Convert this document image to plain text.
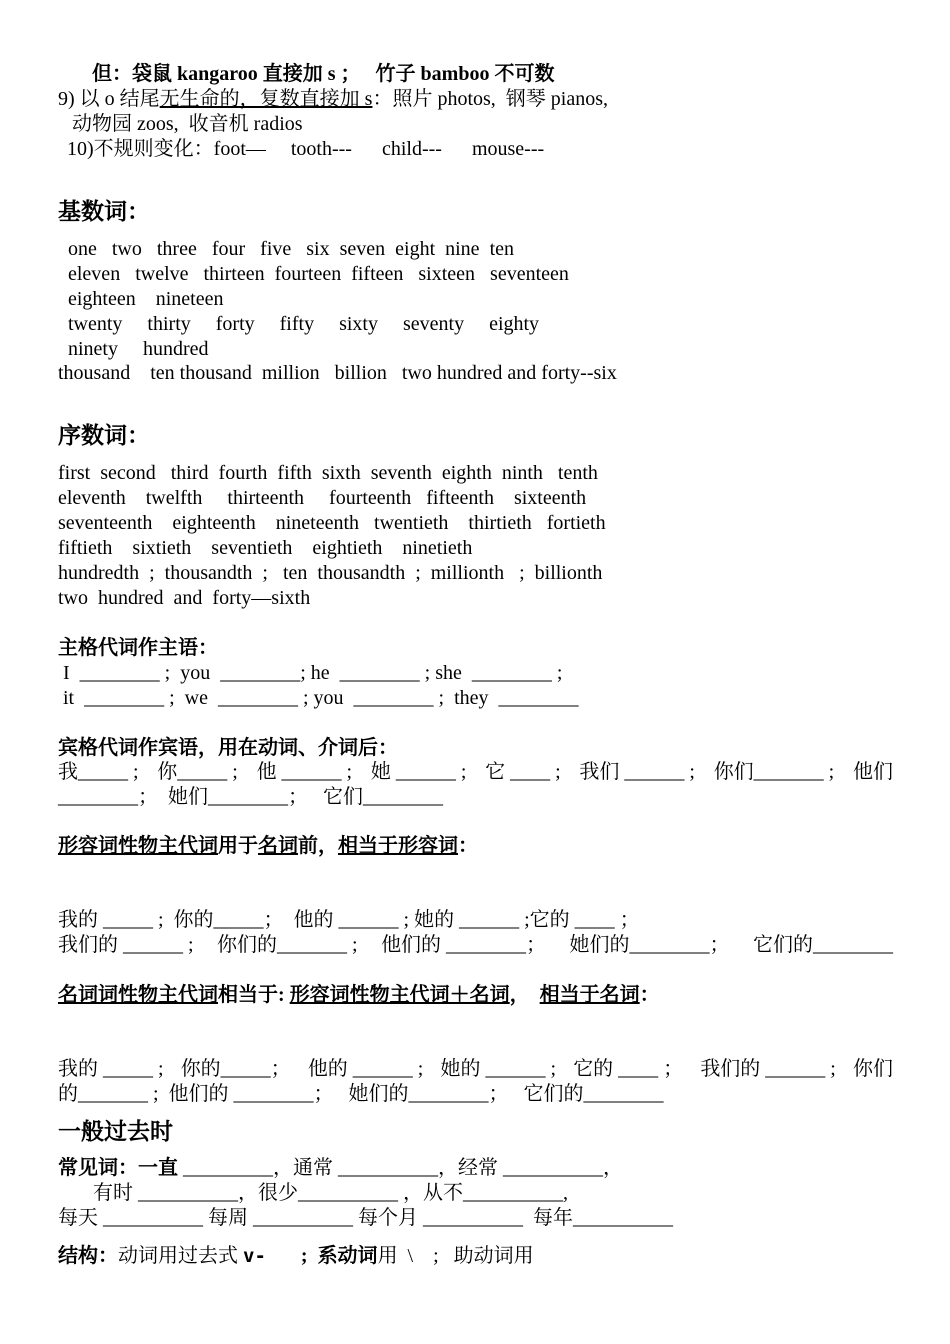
但：袋鼠 kangaroo 直接加 s ；   竹子 bamboo 不可数
9) 以 o 结尾无生命的，复数直接加 s：照片 photos,  钢琴 pianos,
动物园 zoos,  收音机 radios
10)不规则变化：foot—     tooth---      child---      mouse---
基数词：
one   two   three   four   five   six  seven  eight  nine  ten
eleven   twelve   thirteen  fourteen  fifteen   sixteen   seventeen
eighteen    nineteen
twenty     thirty     forty     fifty     sixty     seventy     eighty
ninety     hundred
thousand    ten thousand  million   billion   two hundred and forty--six
序数词：
first  second   third  fourth  fifth  sixth  seventh  eighth  ninth   tenth
eleventh    twelfth     thirteenth     fourteenth   fifteenth    sixteenth
seventeenth    eighteenth    nineteenth   twentieth    thirtieth   fortieth
fiftieth    sixtieth    seventieth    eightieth    ninetieth
hundredth  ;  thousandth  ;   ten  thousandth  ;  millionth   ;  billionth
two  hundred  and  forty—sixth
主格代词作主语：
I  ________ ;  you  ________; he  ________ ; she  ________ ;
it  ________ ;  we  ________ ; you  ________ ;  they  ________
宾格代词作宾语，用在动词、介词后：
我_____ ; 你_____ ; 他 ______ ; 她 ______ ; 它 ____ ; 我们 ______ ; 你们_______ ; 他们
________；  她们________；   它们________
形容词性物主代词用于名词前，相当于形容词：
我的 _____ ;  你的_____；  他的 ______ ; 她的 ______ ;它的 ____ ；
我们的 ______ ; 你们的_______ ; 他们的 ________； 她们的________； 它们的________
名词词性物主代词相当于: 形容词性物主代词＋名词，  相当于名词：
我的 _____ ; 你的_____； 他的 ______ ; 她的 ______ ; 它的 ____ ； 我们的 ______ ; 你们
的_______ ;  他们的 ________；   她们的________；   它们的________
一般过去时
常见词：一直 _________，通常 __________，经常 __________，
有时 __________，很少__________ ，从不__________,
每天 __________ 每周 __________ 每个月 __________  每年__________
结构：动词用过去式 v-       ;  系动词用  \    ;   助动词用
